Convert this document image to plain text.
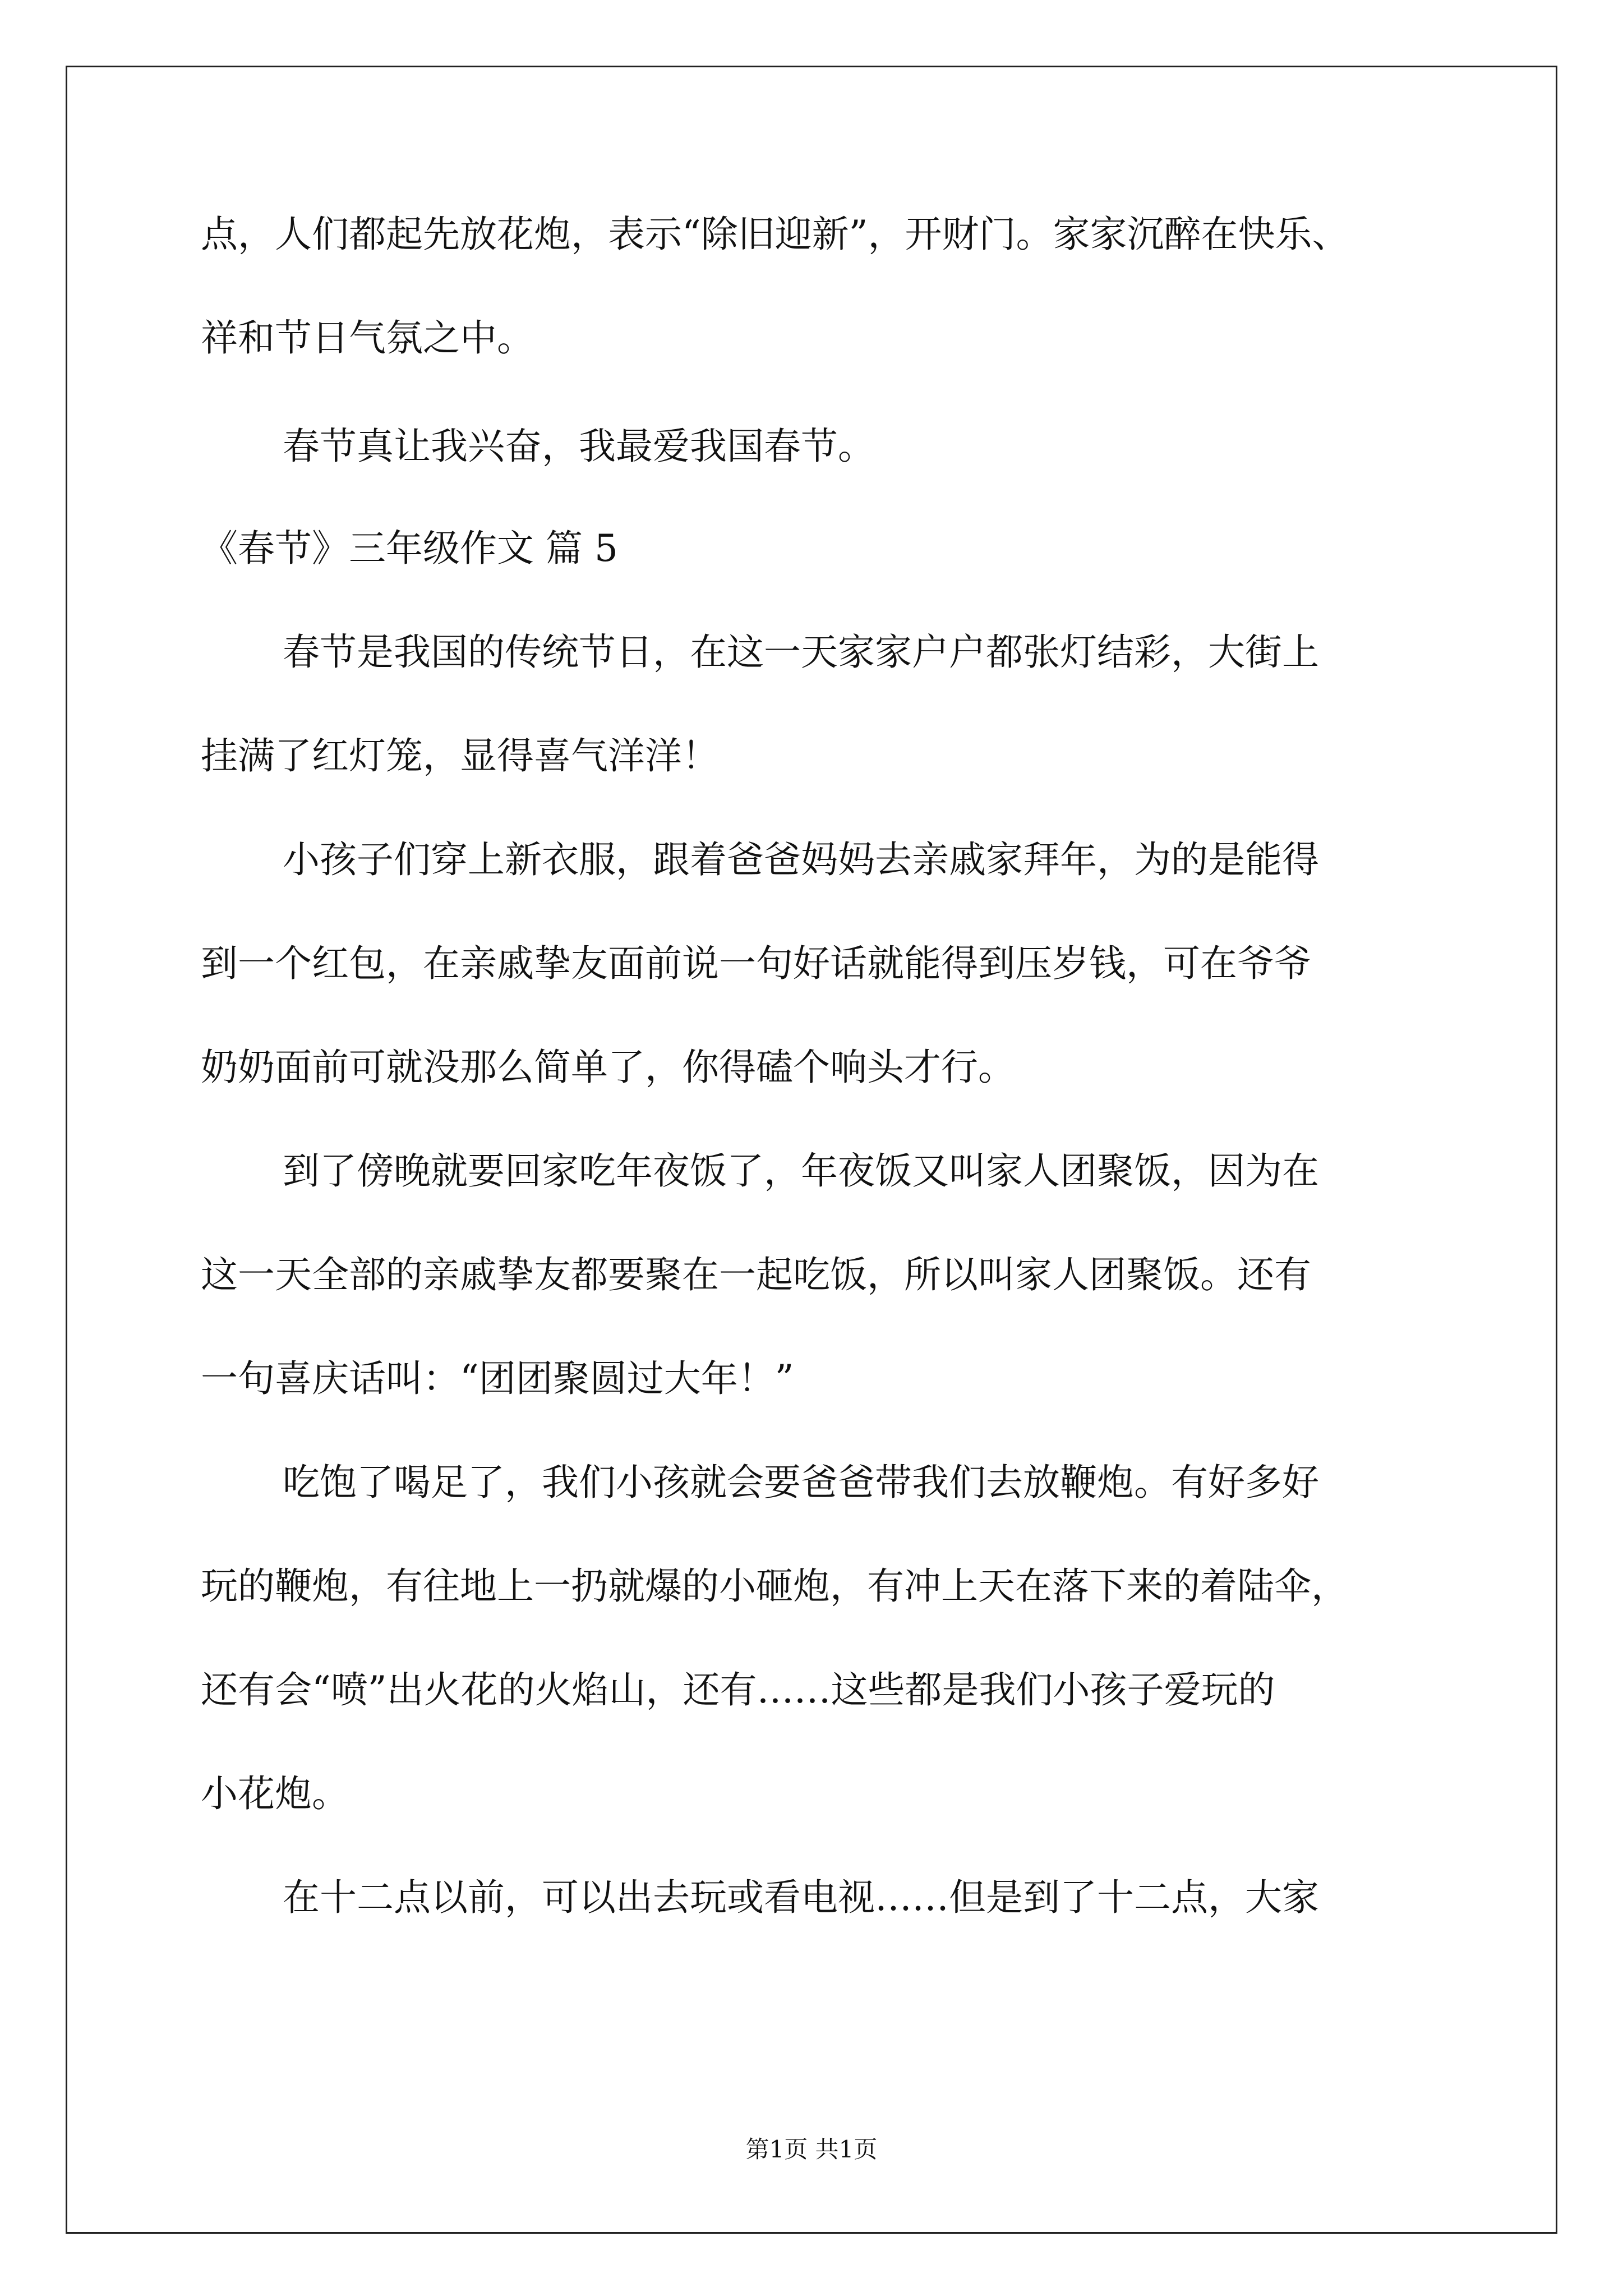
点，人们都起先放花炮，表示“除旧迎新”，开财门。家家沉醉在快乐、
祥和节日气氛之中。
春节真让我兴奋，我最爱我国春节。
《春节》三年级作文 篇 5
春节是我国的传统节日，在这一天家家户户都张灯结彩，大街上
挂满了红灯笼，显得喜气洋洋！
小孩子们穿上新衣服，跟着爸爸妈妈去亲戚家拜年，为的是能得
到一个红包，在亲戚挚友面前说一句好话就能得到压岁钱，可在爷爷
奶奶面前可就没那么简单了，你得磕个响头才行。
到了傍晚就要回家吃年夜饭了，年夜饭又叫家人团聚饭，因为在
这一天全部的亲戚挚友都要聚在一起吃饭，所以叫家人团聚饭。还有
一句喜庆话叫：“团团聚圆过大年！”
吃饱了喝足了，我们小孩就会要爸爸带我们去放鞭炮。有好多好
玩的鞭炮，有往地上一扔就爆的小砸炮，有冲上天在落下来的着陆伞，
还有会“喷”出火花的火焰山，还有……这些都是我们小孩子爱玩的
小花炮。
在十二点以前，可以出去玩或看电视……但是到了十二点，大家
第1页 共1页
